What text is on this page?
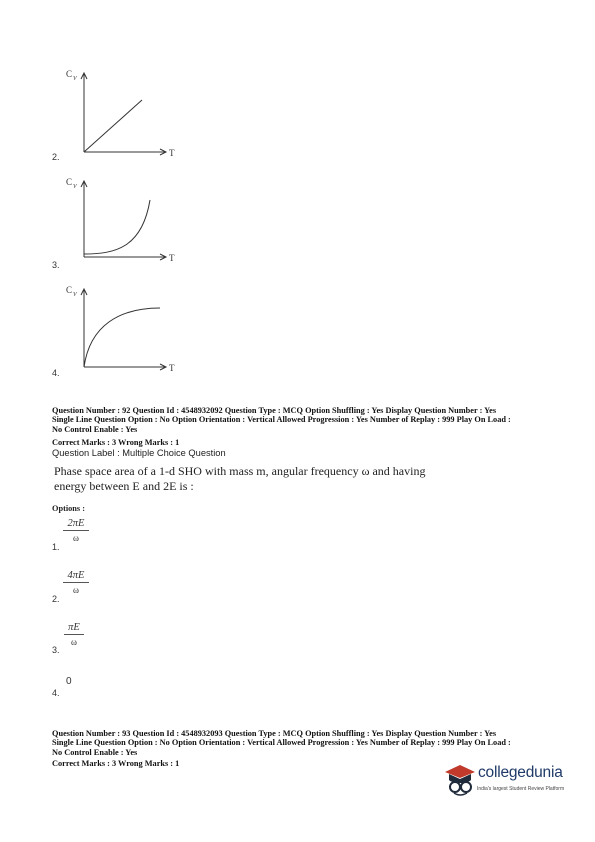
C V
T
2.
C V
T
3.
C V
T
4.
Question Number : 92 Question Id : 4548932092 Question Type : MCQ Option Shuffling : Yes Display Question Number : Yes
Single Line Question Option : No Option Orientation : Vertical Allowed Progression : Yes Number of Replay : 999 Play On Load :
No Control Enable : Yes
Correct Marks : 3 Wrong Marks : 1
Question Label : Multiple Choice Question
Phase space area of a 1-d SHO with mass m, angular frequency ω and having
energy between E and 2E is :
Options :
2πE
ω
1.
4πE
ω
2.
πE
ω
3.
0
4.
Question Number : 93 Question Id : 4548932093 Question Type : MCQ Option Shuffling : Yes Display Question Number : Yes
Single Line Question Option : No Option Orientation : Vertical Allowed Progression : Yes Number of Replay : 999 Play On Load :
No Control Enable : Yes
Correct Marks : 3 Wrong Marks : 1
collegedunia
India's largest Student Review Platform
